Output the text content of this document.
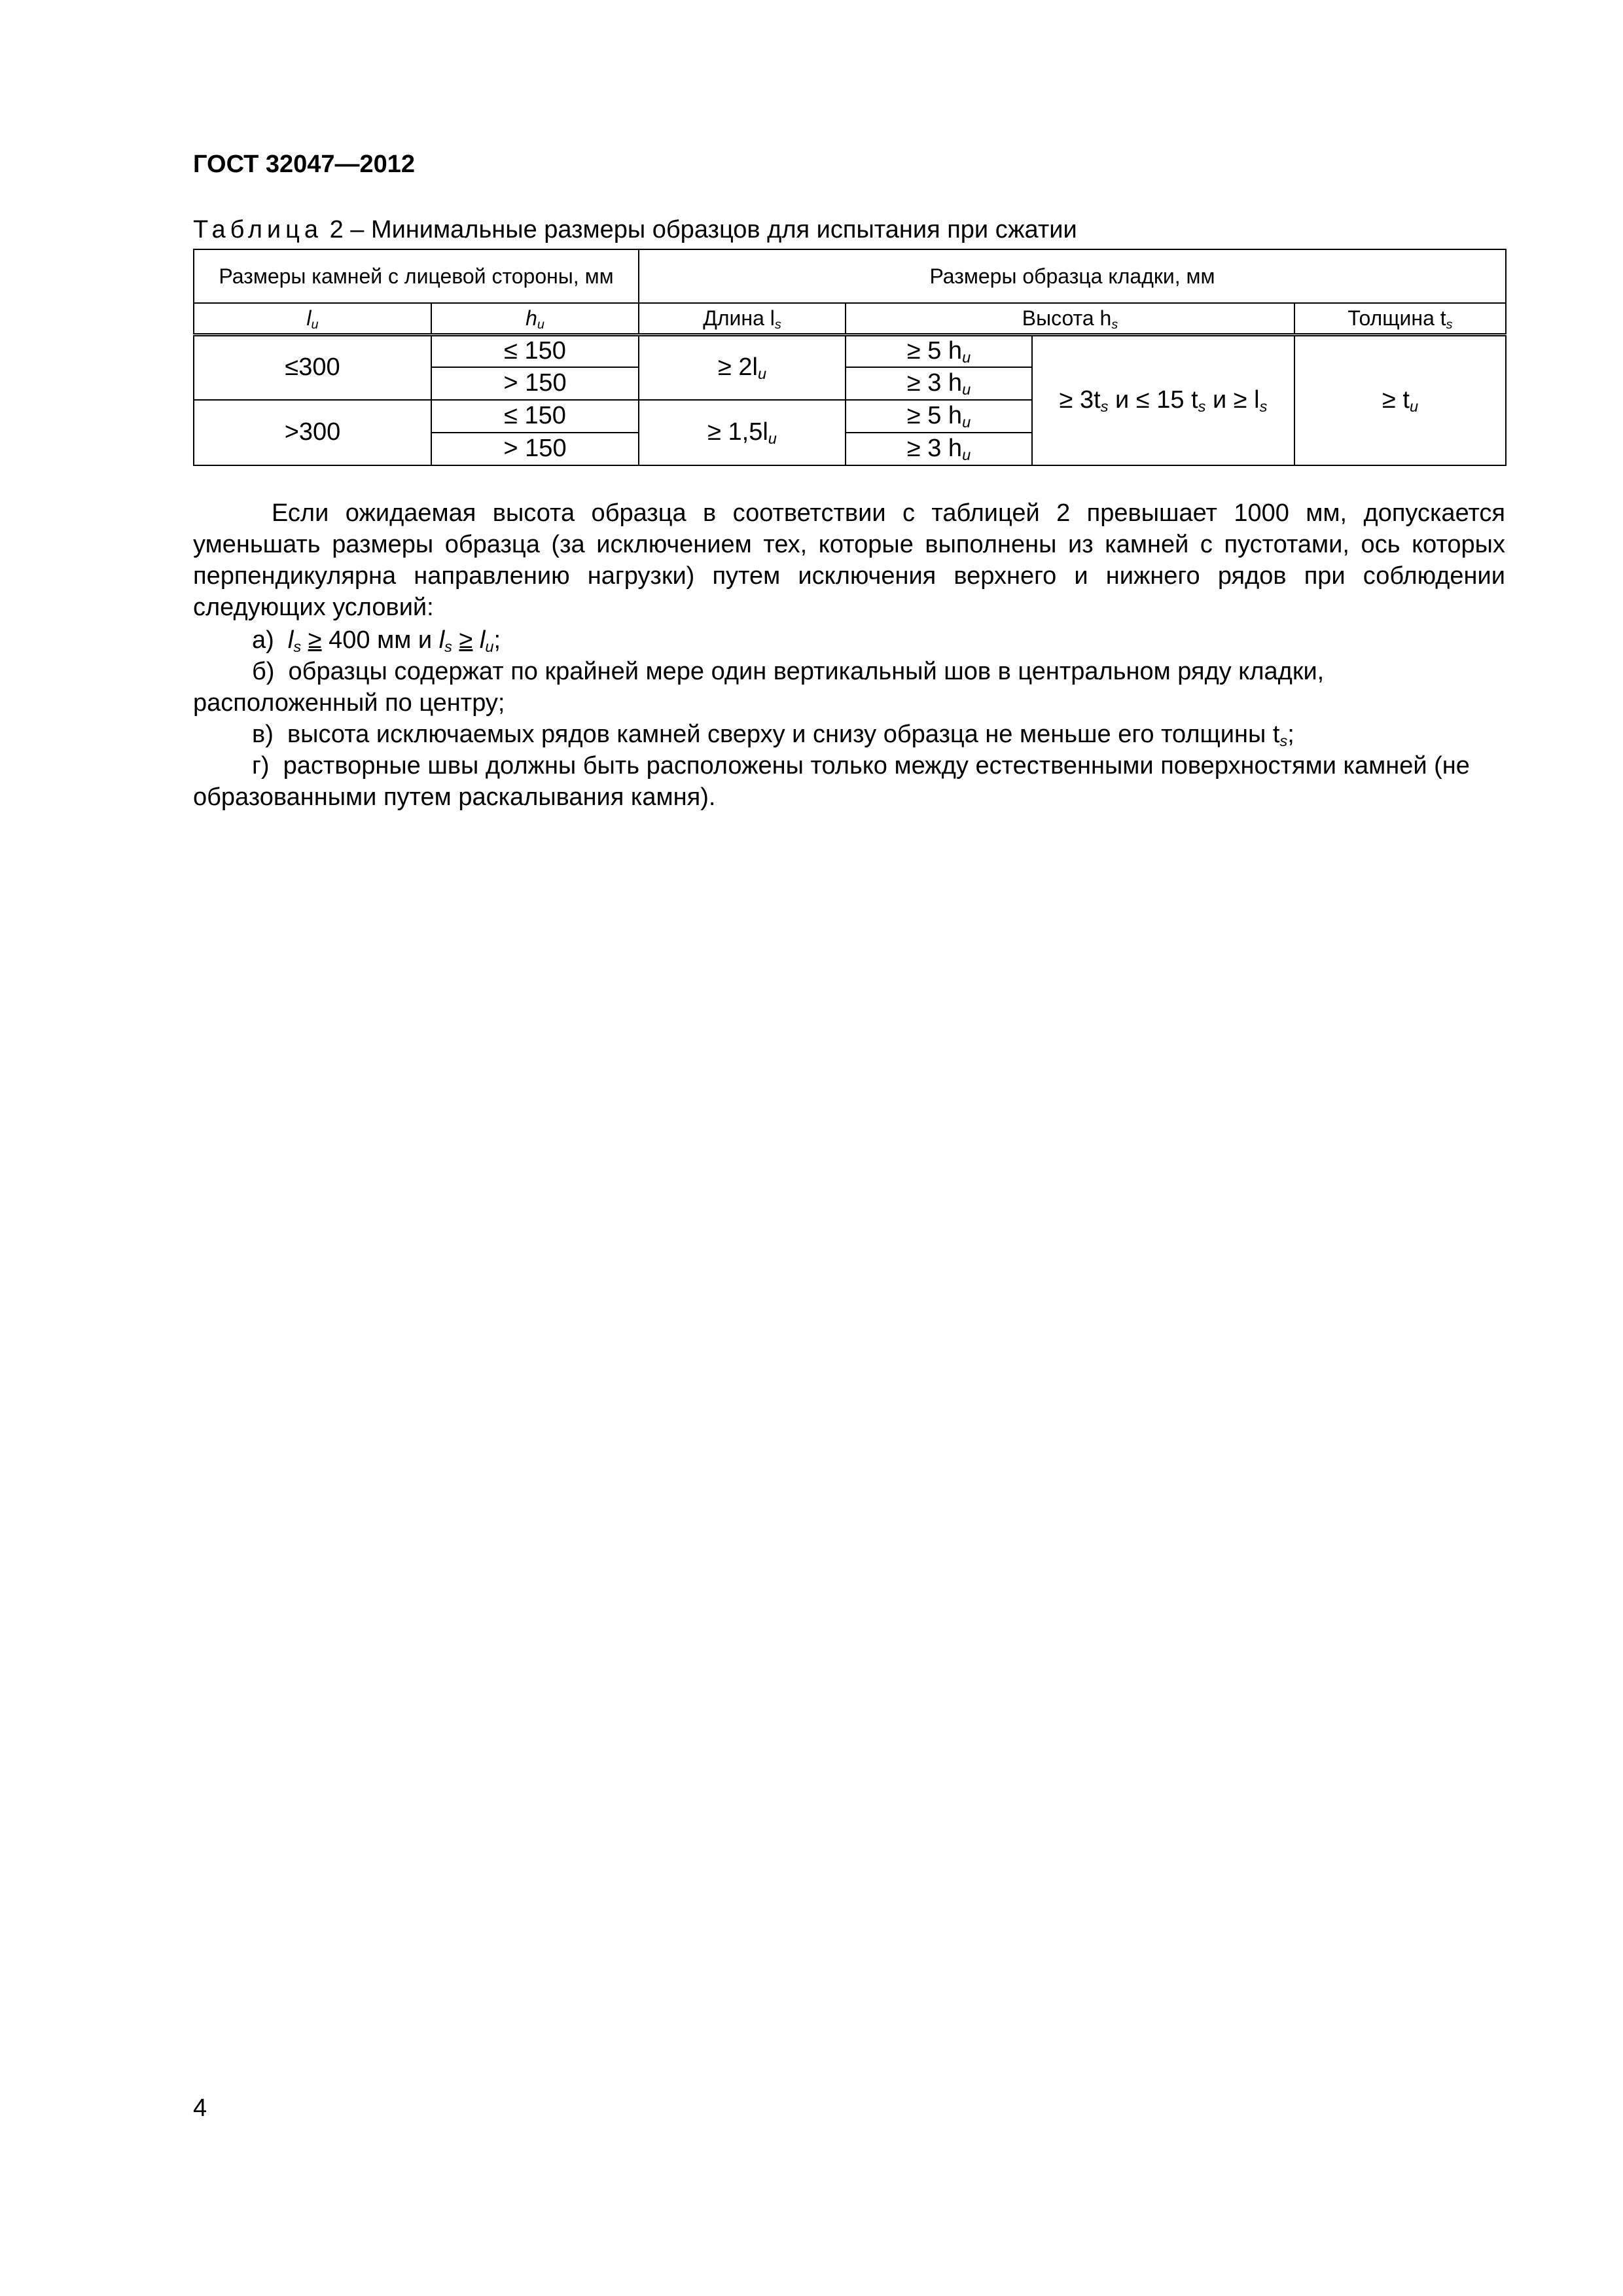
ГОСТ 32047—2012
Таблица 2 – Минимальные размеры образцов для испытания при сжатии
Размеры камней с лицевой стороны, мм		Размеры образца кладки, мм			
$l_u$	$h_u$	Длина $l_s$	Высота $h_s$		Толщина $t_s$
≤300	≤ 150	≥ $2l_u$	≥ 5 $h_u$	≥ $3t_s$ и ≤ 15 $t_s$ $и \ge l_s$	≥ $t_u$
	> 150		≥ 3 $h_u$
>300	≤ 150	≥ $1,5l_u$	≥ 5 $h_u$
	> 150		≥ 3 $h_u$
Если ожидаемая высота образца в соответствии с таблицей 2 превышает 1000 мм, допускается уменьшать размеры образца (за исключением тех, которые выполнены из камней с пустотами, ось которых перпендикулярна направлению нагрузки) путем исключения верхнего и нижнего рядов при соблюдении следующих условий:
а) $l_s \ge 400$ мм и $l_s \ge l_u$;
б) образцы содержат по крайней мере один вертикальный шов в центральном ряду кладки, расположенный по центру;
в) высота исключаемых рядов камней сверху и снизу образца не меньше его толщины $t_s$;
г) растворные швы должны быть расположены только между естественными поверхностями камней (не образованными путем раскалывания камня).
4
